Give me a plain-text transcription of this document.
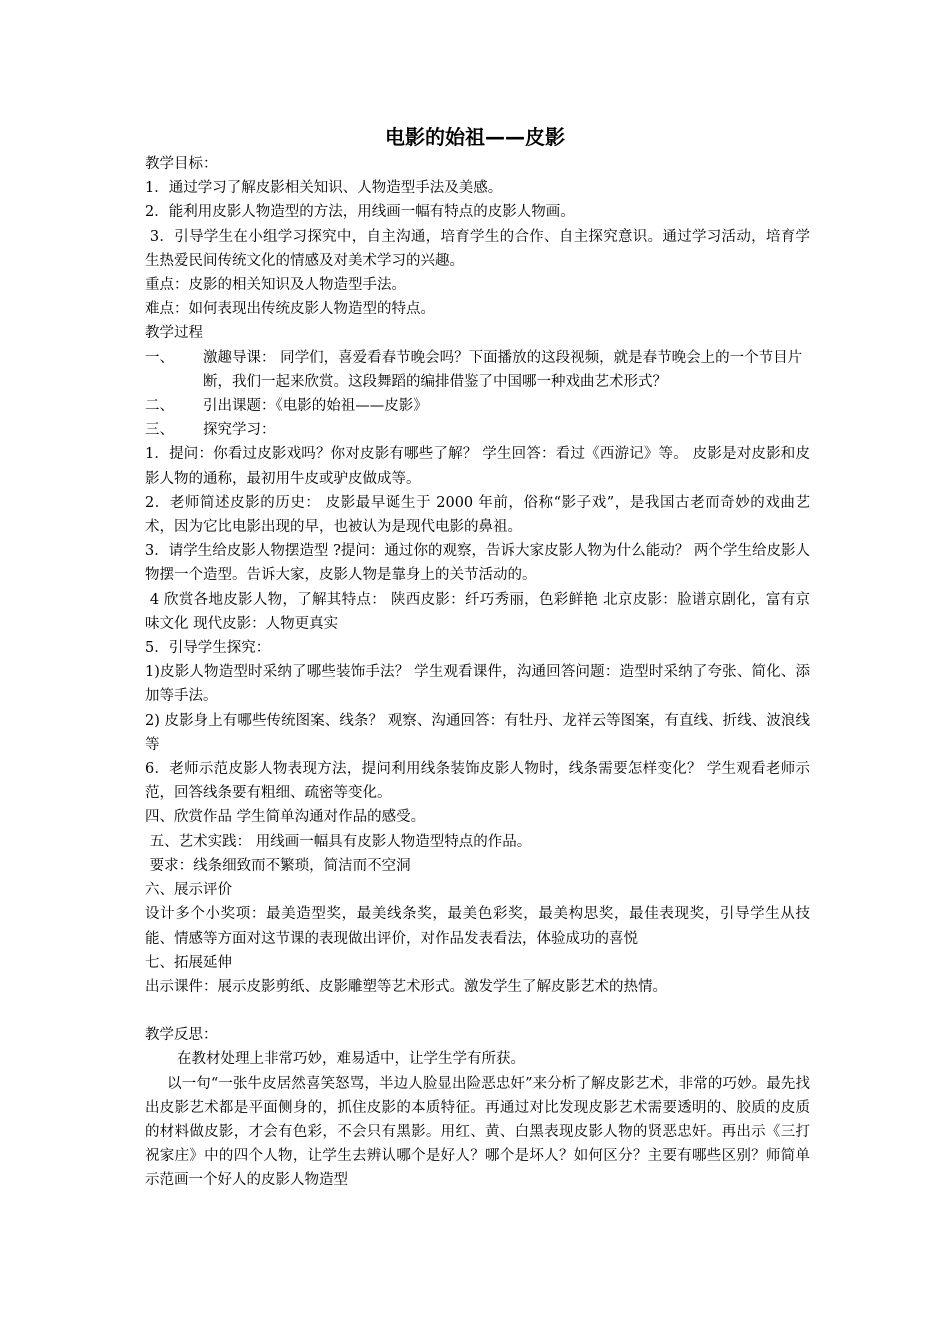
电影的始祖——皮影

教学目标：

1．通过学习了解皮影相关知识、人物造型手法及美感。

2．能利用皮影人物造型的方法，用线画一幅有特点的皮影人物画。

3．引导学生在小组学习探究中，自主沟通，培育学生的合作、自主探究意识。通过学习活动，培育学生热爱民间传统文化的情感及对美术学习的兴趣。

重点：皮影的相关知识及人物造型手法。

难点：如何表现出传统皮影人物造型的特点。

教学过程

一、	激趣导课： 同学们，喜爱看春节晚会吗？下面播放的这段视频，就是春节晚会上的一个节目片断，我们一起来欣赏。这段舞蹈的编排借鉴了中国哪一种戏曲艺术形式？
二、	引出课题：《电影的始祖——皮影》
三、	探究学习：

1．提问：你看过皮影戏吗？你对皮影有哪些了解？ 学生回答：看过《西游记》等。 皮影是对皮影和皮影人物的通称，最初用牛皮或驴皮做成等。

2．老师简述皮影的历史： 皮影最早诞生于 2000 年前，俗称“影子戏”，是我国古老而奇妙的戏曲艺术，因为它比电影出现的早，也被认为是现代电影的鼻祖。

3．请学生给皮影人物摆造型 ?提问：通过你的观察，告诉大家皮影人物为什么能动？ 两个学生给皮影人物摆一个造型。告诉大家，皮影人物是靠身上的关节活动的。

4 欣赏各地皮影人物，了解其特点： 陕西皮影：纤巧秀丽，色彩鲜艳 北京皮影：脸谱京剧化，富有京味文化 现代皮影：人物更真实

5．引导学生探究：

1)皮影人物造型时采纳了哪些装饰手法？ 学生观看课件，沟通回答问题：造型时采纳了夸张、简化、添加等手法。

2) 皮影身上有哪些传统图案、线条？ 观察、沟通回答：有牡丹、龙祥云等图案，有直线、折线、波浪线等

6．老师示范皮影人物表现方法，提问利用线条装饰皮影人物时，线条需要怎样变化？ 学生观看老师示范，回答线条要有粗细、疏密等变化。

四、欣赏作品 学生简单沟通对作品的感受。

五、艺术实践： 用线画一幅具有皮影人物造型特点的作品。

要求：线条细致而不繁琐，简洁而不空洞

六、展示评价

设计多个小奖项：最美造型奖，最美线条奖，最美色彩奖，最美构思奖，最佳表现奖，引导学生从技能、情感等方面对这节课的表现做出评价，对作品发表看法，体验成功的喜悦

七、拓展延伸

出示课件：展示皮影剪纸、皮影雕塑等艺术形式。激发学生了解皮影艺术的热情。

教学反思：

在教材处理上非常巧妙，难易适中，让学生学有所获。

以一句“一张牛皮居然喜笑怒骂，半边人脸显出险恶忠奸”来分析了解皮影艺术，非常的巧妙。最先找出皮影艺术都是平面侧身的，抓住皮影的本质特征。再通过对比发现皮影艺术需要透明的、胶质的皮质的材料做皮影，才会有色彩，不会只有黑影。用红、黄、白黑表现皮影人物的贤恶忠奸。再出示《三打祝家庄》中的四个人物，让学生去辨认哪个是好人？哪个是坏人？如何区分？主要有哪些区别？师简单示范画一个好人的皮影人物造型
